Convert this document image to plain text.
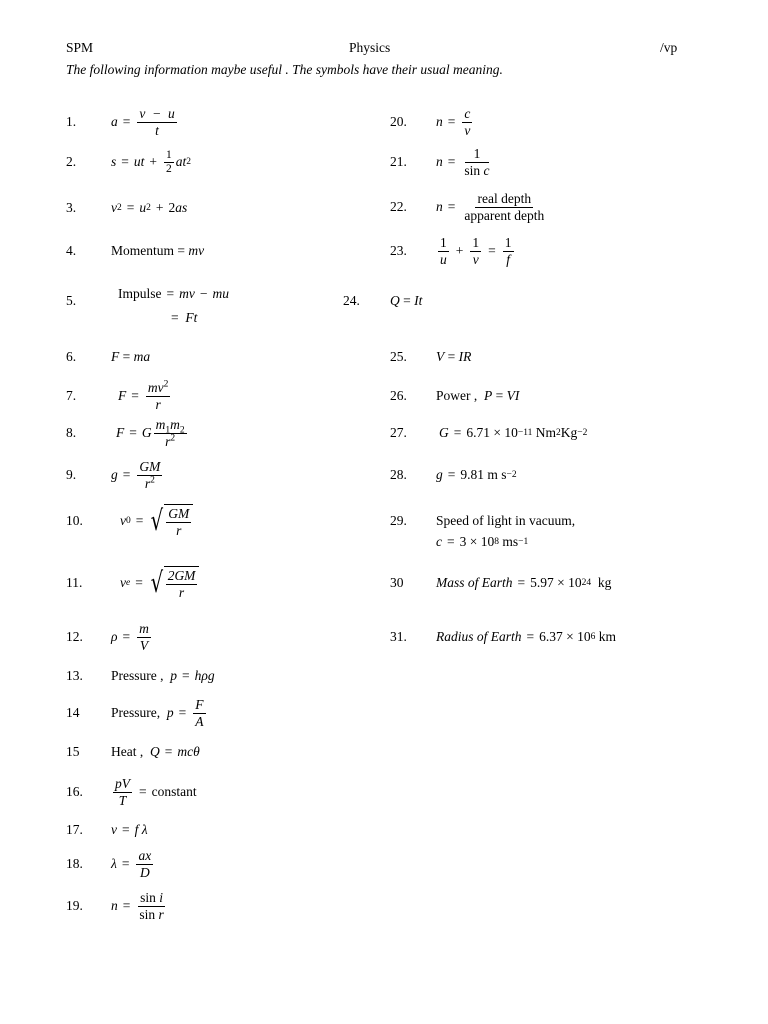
SPM	Physics	/vp
The following information maybe useful . The symbols have their usual meaning.
1.	$a = \frac{v - u}{t}$
2.	s = ut + $\frac{1}{2}$ at 2
3.	v 2 = u 2 + 2 as
4.	Momentum = mv
5.	Impulse = mv − mu
=  Ft
6.	F = ma
7.	$F = \frac{mv^2}{r}$
8.	F = G $\frac{m_1m_2}{r^2}$
9.	$g = \frac{GM}{r^2}$
10.	v 0 = √ $\frac{GM}{r}$
11.	v e = √ $\frac{2GM}{r}$
12.	$\rho = \frac{m}{V}$
13.	Pressure ,
p = hρg
14	Pressure,
$p = \frac{F}{A}$
15	Heat ,
Q = mcθ
16.	$\frac{pV}{T}$ = constant
17.	v = f λ
18.	$\lambda = \frac{ax}{D}$
19.	$n = \frac{\text{sin i}}{\text{sin r}}$
20.	$n = \frac{c}{v}$
21.	$n = \frac{1}{\text{sin c}}$
22.	$n = \frac{\text{real depth}}{\text{apparent depth}}$
23.	$\frac{1}{u} + \frac{1}{v} = \frac{1}{f}$
24.	Q = It
25.	V = IR
26.	Power ,
P = VI
27.	G = 6.71 × 10 −11
Nm 2 Kg −2
28.	g = 9.81 m s −2
29.	Speed of light in vacuum,
c = 3 × 10 8
ms −1
30	Mass of Earth = 5.97 × 10 24
kg
31.	Radius of Earth = 6.37 × 10 6
km
